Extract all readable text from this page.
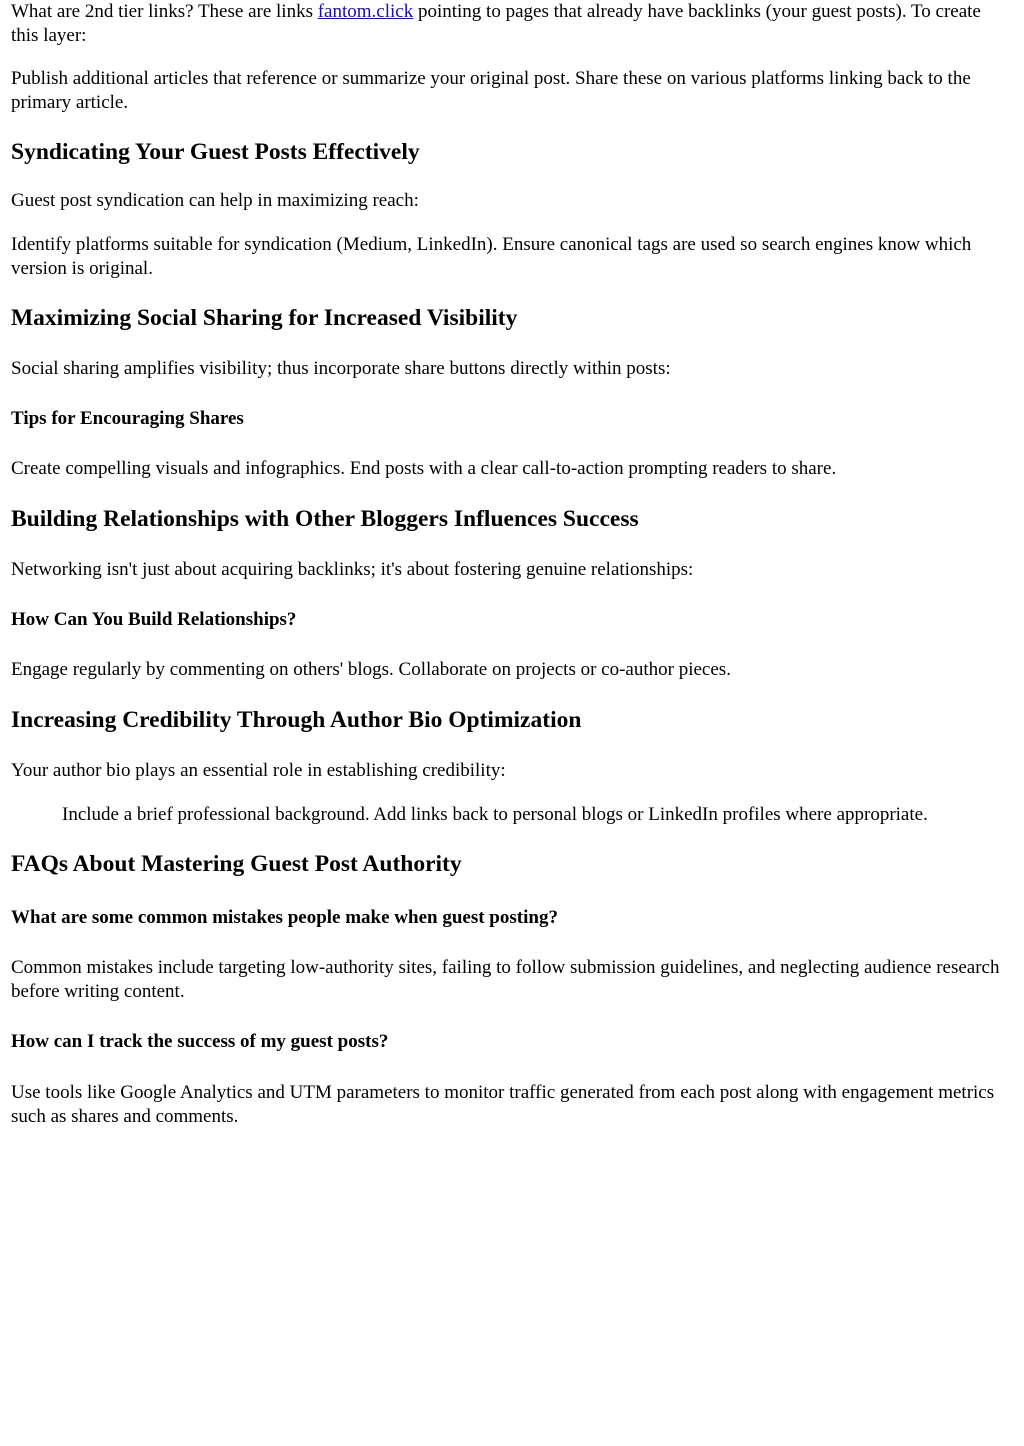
What are 2nd tier links? These are links fantom.click pointing to pages that already have backlinks (your guest posts). To create this layer:

Publish additional articles that reference or summarize your original post. Share these on various platforms linking back to the primary article.

Syndicating Your Guest Posts Effectively

Guest post syndication can help in maximizing reach:

Identify platforms suitable for syndication (Medium, LinkedIn). Ensure canonical tags are used so search engines know which version is original.

Maximizing Social Sharing for Increased Visibility

Social sharing amplifies visibility; thus incorporate share buttons directly within posts:

Tips for Encouraging Shares

Create compelling visuals and infographics. End posts with a clear call-to-action prompting readers to share.

Building Relationships with Other Bloggers Influences Success

Networking isn't just about acquiring backlinks; it's about fostering genuine relationships:

How Can You Build Relationships?

Engage regularly by commenting on others' blogs. Collaborate on projects or co-author pieces.

Increasing Credibility Through Author Bio Optimization

Your author bio plays an essential role in establishing credibility:

Include a brief professional background. Add links back to personal blogs or LinkedIn profiles where appropriate.

FAQs About Mastering Guest Post Authority
What are some common mistakes people make when guest posting?

Common mistakes include targeting low-authority sites, failing to follow submission guidelines, and neglecting audience research before writing content.

How can I track the success of my guest posts?

Use tools like Google Analytics and UTM parameters to monitor traffic generated from each post along with engagement metrics such as shares and comments.
